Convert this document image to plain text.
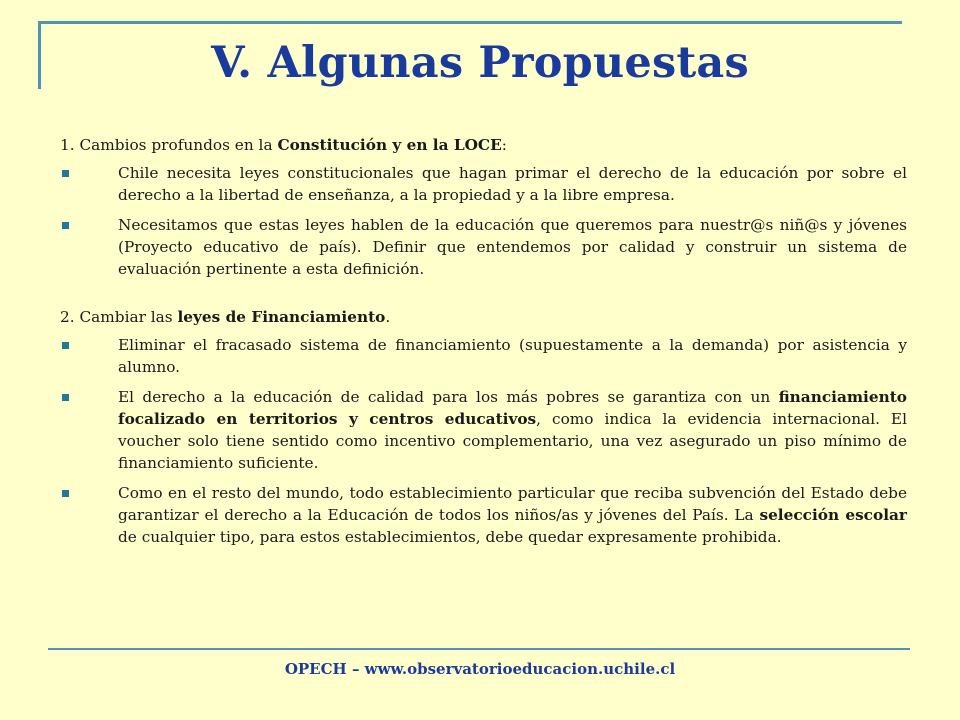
V. Algunas Propuestas
1. Cambios profundos en la Constitución y en la LOCE:
Chile necesita leyes constitucionales que hagan primar el derecho de la educación por sobre el derecho a la libertad de enseñanza, a la propiedad y a la libre empresa.
Necesitamos que estas leyes hablen de la educación que queremos para nuestr@s niñ@s y jóvenes (Proyecto educativo de país). Definir que entendemos por calidad y construir un sistema de evaluación pertinente a esta definición.
2. Cambiar las leyes de Financiamiento.
Eliminar el fracasado sistema de financiamiento (supuestamente a la demanda) por asistencia y alumno.
El derecho a la educación de calidad para los más pobres se garantiza con un financiamiento focalizado en territorios y centros educativos, como indica la evidencia internacional. El voucher solo tiene sentido como incentivo complementario, una vez asegurado un piso mínimo de financiamiento suficiente.
Como en el resto del mundo, todo establecimiento particular que reciba subvención del Estado debe garantizar el derecho a la Educación de todos los niños/as y jóvenes del País. La selección escolar de cualquier tipo, para estos establecimientos, debe quedar expresamente prohibida.
OPECH – www.observatorioeducacion.uchile.cl
